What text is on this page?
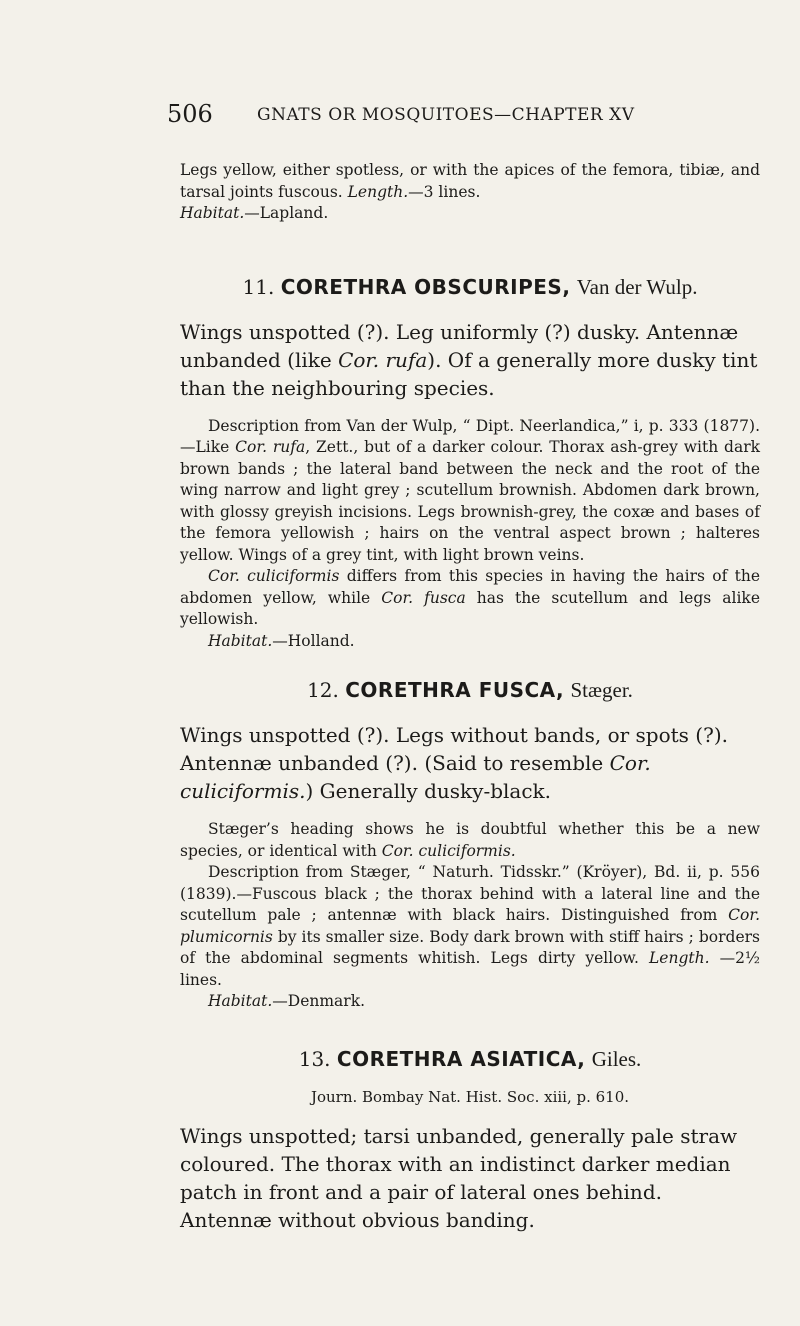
506	GNATS OR MOSQUITOES—CHAPTER XV

Legs yellow, either spotless, or with the apices of the femora, tibiæ, and tarsal joints fuscous. Length.—3 lines.

Habitat.—Lapland.

11. CORETHRA OBSCURIPES, Van der Wulp.

Wings unspotted (?). Leg uniformly (?) dusky. Antennæ unbanded (like Cor. rufa). Of a generally more dusky tint than the neighbouring species.

Description from Van der Wulp, “ Dipt. Neerlandica,” i, p. 333 (1877).—Like Cor. rufa, Zett., but of a darker colour. Thorax ash-grey with dark brown bands ; the lateral band between the neck and the root of the wing narrow and light grey ; scutellum brownish. Abdomen dark brown, with glossy greyish incisions. Legs brownish-grey, the coxæ and bases of the femora yellowish ; hairs on the ventral aspect brown ; halteres yellow. Wings of a grey tint, with light brown veins.

Cor. culiciformis differs from this species in having the hairs of the abdomen yellow, while Cor. fusca has the scutellum and legs alike yellowish.

Habitat.—Holland.

12. CORETHRA FUSCA, Stæger.

Wings unspotted (?). Legs without bands, or spots (?). Antennæ unbanded (?). (Said to resemble Cor. culiciformis.) Generally dusky-black.

Stæger’s heading shows he is doubtful whether this be a new species, or identical with Cor. culiciformis.

Description from Stæger, “ Naturh. Tidsskr.” (Kröyer), Bd. ii, p. 556 (1839).—Fuscous black ; the thorax behind with a lateral line and the scutellum pale ; antennæ with black hairs. Distinguished from Cor. plumicornis by its smaller size. Body dark brown with stiff hairs ; borders of the abdominal segments whitish. Legs dirty yellow. Length. —2½ lines.

Habitat.—Denmark.

13. CORETHRA ASIATICA, Giles.

Journ. Bombay Nat. Hist. Soc. xiii, p. 610.

Wings unspotted; tarsi unbanded, generally pale straw coloured. The thorax with an indistinct darker median patch in front and a pair of lateral ones behind. Antennæ without obvious banding.
